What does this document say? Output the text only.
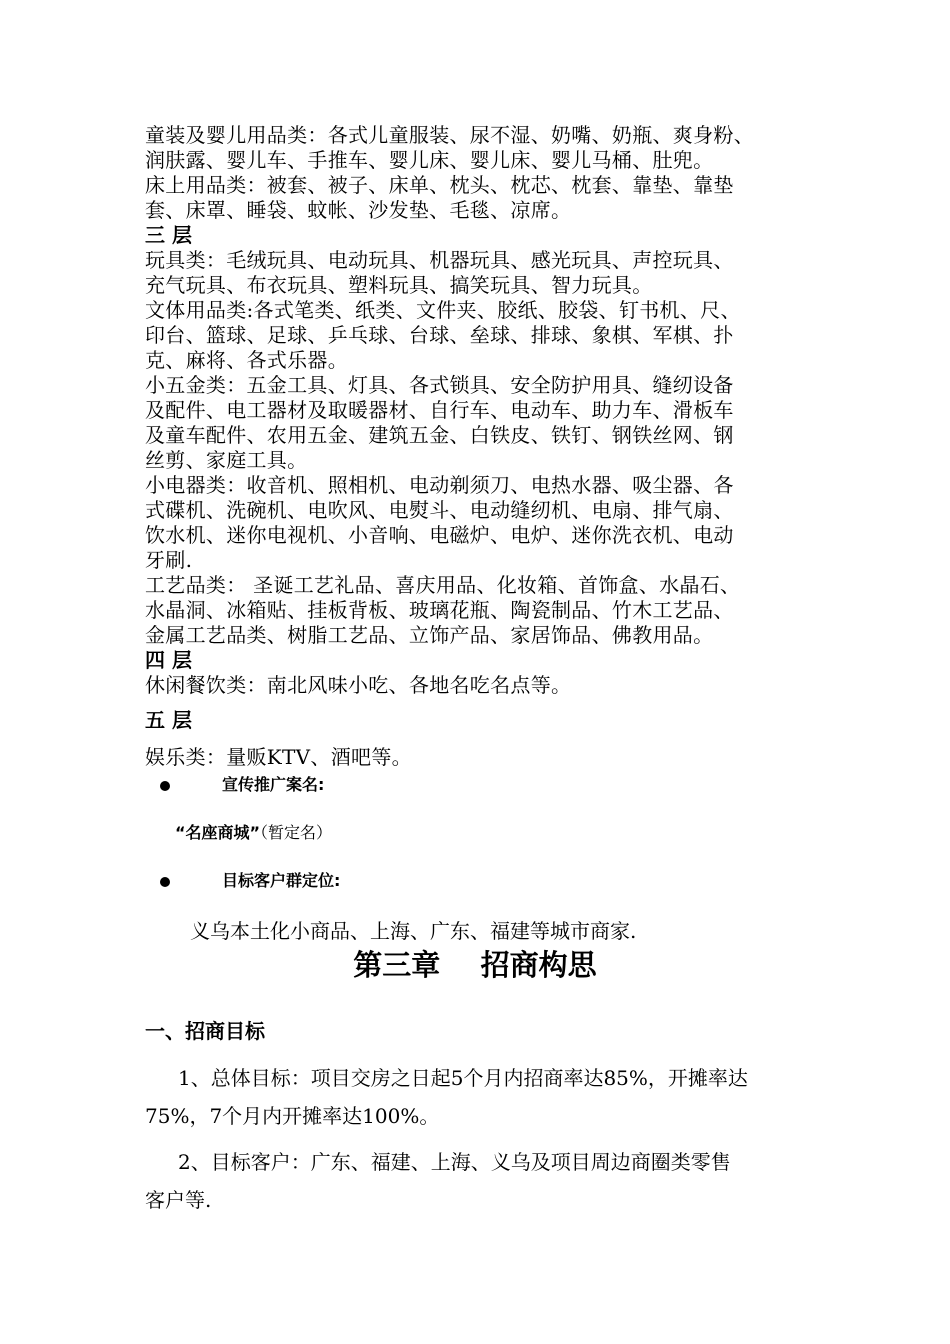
童装及婴儿用品类：各式儿童服装、尿不湿、奶嘴、奶瓶、爽身粉、
润肤露、婴儿车、手推车、婴儿床、婴儿床、婴儿马桶、肚兜。
床上用品类：被套、被子、床单、枕头、枕芯、枕套、靠垫、靠垫
套、床罩、睡袋、蚊帐、沙发垫、毛毯、凉席。
三 层
玩具类：毛绒玩具、电动玩具、机器玩具、感光玩具、声控玩具、
充气玩具、布衣玩具、塑料玩具、搞笑玩具、智力玩具。
文体用品类:各式笔类、纸类、文件夹、胶纸、胶袋、钉书机、尺、
印台、篮球、足球、乒乓球、台球、垒球、排球、象棋、军棋、扑
克、麻将、各式乐器。
小五金类：五金工具、灯具、各式锁具、安全防护用具、缝纫设备
及配件、电工器材及取暖器材、自行车、电动车、助力车、滑板车
及童车配件、农用五金、建筑五金、白铁皮、铁钉、钢铁丝网、钢
丝剪、家庭工具。
小电器类：收音机、照相机、电动剃须刀、电热水器、吸尘器、各
式碟机、洗碗机、电吹风、电熨斗、电动缝纫机、电扇、排气扇、
饮水机、迷你电视机、小音响、电磁炉、电炉、迷你洗衣机、电动
牙刷.
工艺品类： 圣诞工艺礼品、喜庆用品、化妆箱、首饰盒、水晶石、
水晶洞、冰箱贴、挂板背板、玻璃花瓶、陶瓷制品、竹木工艺品、
金属工艺品类、树脂工艺品、立饰产品、家居饰品、佛教用品。
四 层
休闲餐饮类：南北风味小吃、各地名吃名点等。
五 层
娱乐类：量贩KTV、酒吧等。
宣传推广案名:
“名座商城”（暂定名）
目标客户群定位:
义乌本土化小商品、上海、广东、福建等城市商家.
第三章    招商构思
一、招商目标
1、总体目标：项目交房之日起5个月内招商率达85%，开摊率达
75%，7个月内开摊率达100%。
2、目标客户：广东、福建、上海、义乌及项目周边商圈类零售
客户等.
